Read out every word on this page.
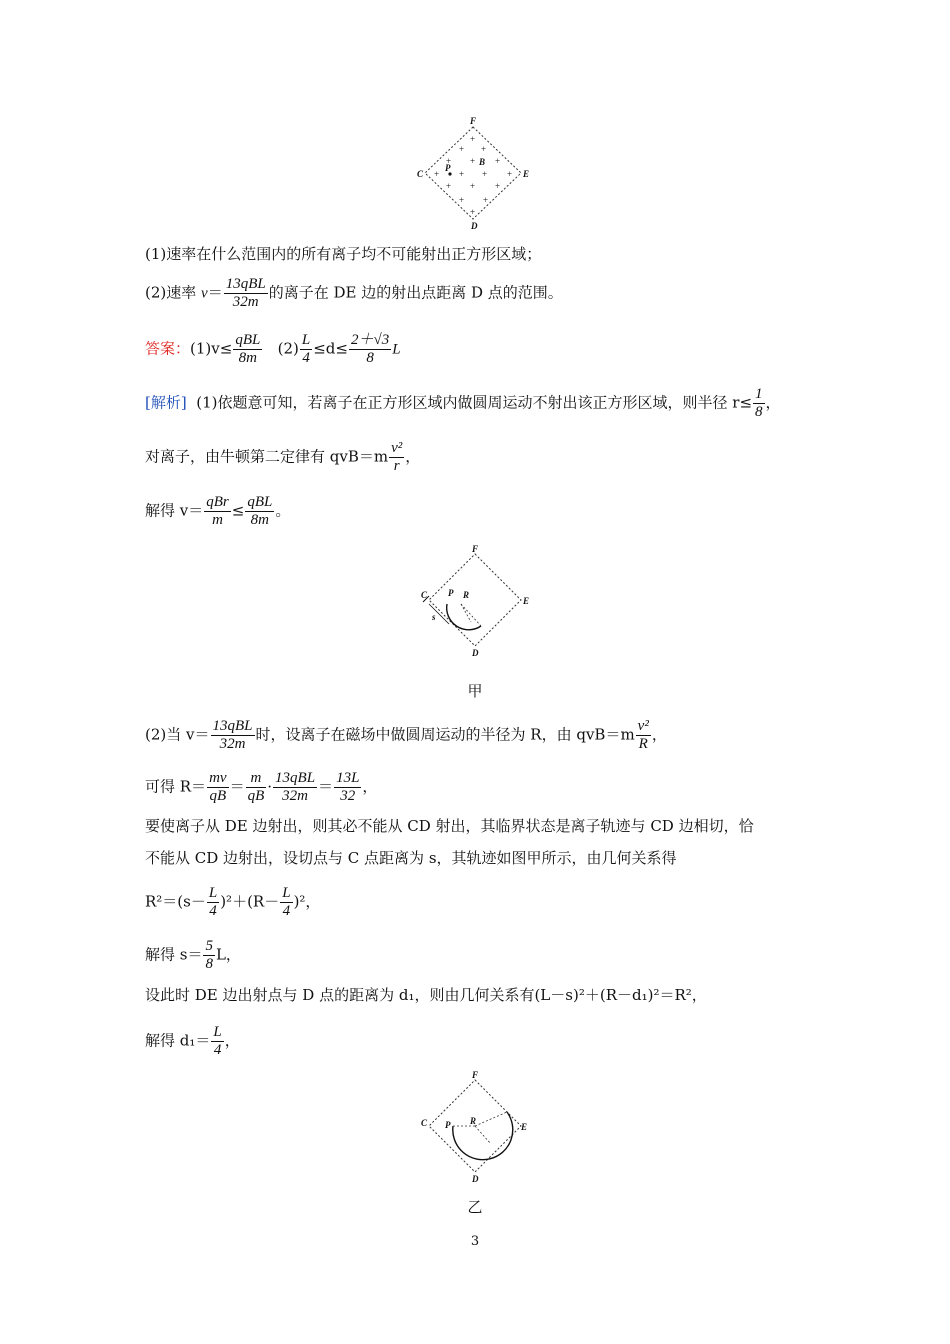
+
+ +
+ + +
+ + + +
+ + +
+ +
+
F
C	E
D
P
B
(1)速率在什么范围内的所有离子均不可能射出正方形区域；
(2)速率 $v= \frac{\text{13qBL}}{32m}$ 的离子在 DE 边的射出点距离 D 点的范围。
答案：$(1)v\le \frac{\text{qBL}}{8m} (2) \frac{L}{4} \le d\le \frac{2+√3}{8}$ L
[解析] (1)依题意可知，若离子在正方形区域内做圆周运动不射出该正方形区域，则半径 $r\le \frac{1}{8}$ ，
对离子，由牛顿第二定律有 $qvB=m \frac{\text{v²}}{r}$ ，
解得 $v= \frac{\text{qBr}}{m} \le \frac{\text{qBL}}{8m}$ 。
F
C
E
D
P R
s
甲
(2)当 $v= \frac{\text{13qBL}}{32m}$ 时，设离子在磁场中做圆周运动的半径为 R，由 $qvB=m \frac{\text{v²}}{R}$ ，
可得 $R= \frac{mv}{qB} = \frac{m}{qB} \cdot \frac{\text{13qBL}}{32m} = \frac{13L}{32}$ ，
要使离子从 DE 边射出，则其必不能从 CD 射出，其临界状态是离子轨迹与 CD 边相切，恰
不能从 CD 边射出，设切点与 C 点距离为 s，其轨迹如图甲所示，由几何关系得
$R^2=(s- \frac{L}{4} )^2+(R- \frac{L}{4} )^2$，
解得 $s= \frac{5}{8}$ L，
设此时 DE 边出射点与 D 点的距离为 d₁，则由几何关系有(L－s)²＋(R－d₁)²＝R²，
解得 $d_1= \frac{L}{4}$ ，
F
C	E
D
P R
乙
3
